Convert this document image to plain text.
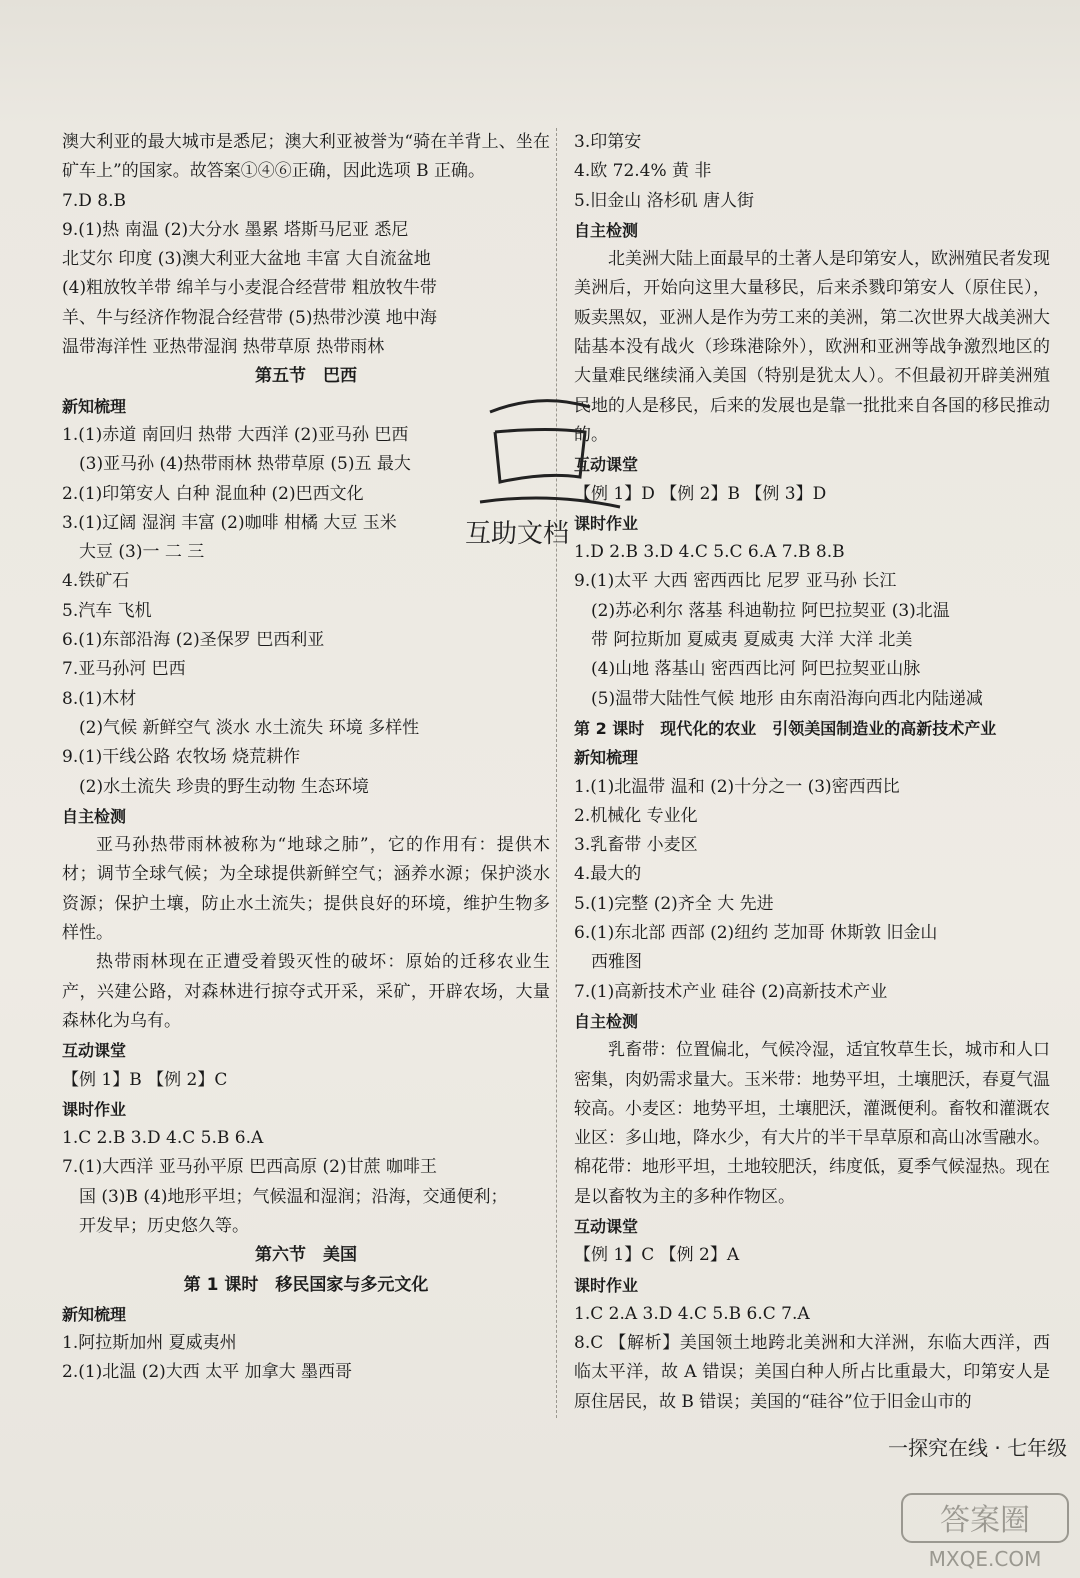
澳大利亚的最大城市是悉尼；澳大利亚被誉为“骑在羊背上、坐在矿车上”的国家。故答案①④⑥正确，因此选项 B 正确。
7.D 8.B
9.(1)热 南温 (2)大分水 墨累 塔斯马尼亚 悉尼
北艾尔 印度 (3)澳大利亚大盆地 丰富 大自流盆地
(4)粗放牧羊带 绵羊与小麦混合经营带 粗放牧牛带
羊、牛与经济作物混合经营带 (5)热带沙漠 地中海
温带海洋性 亚热带湿润 热带草原 热带雨林
第五节　巴西
新知梳理
1.(1)赤道 南回归 热带 大西洋 (2)亚马孙 巴西
(3)亚马孙 (4)热带雨林 热带草原 (5)五 最大
2.(1)印第安人 白种 混血种 (2)巴西文化
3.(1)辽阔 湿润 丰富 (2)咖啡 柑橘 大豆 玉米
大豆 (3)一 二 三
4.铁矿石
5.汽车 飞机
6.(1)东部沿海 (2)圣保罗 巴西利亚
7.亚马孙河 巴西
8.(1)木材
(2)气候 新鲜空气 淡水 水土流失 环境 多样性
9.(1)干线公路 农牧场 烧荒耕作
(2)水土流失 珍贵的野生动物 生态环境
自主检测
亚马孙热带雨林被称为“地球之肺”，它的作用有：提供木材；调节全球气候；为全球提供新鲜空气；涵养水源；保护淡水资源；保护土壤，防止水土流失；提供良好的环境，维护生物多样性。
热带雨林现在正遭受着毁灭性的破坏：原始的迁移农业生产，兴建公路，对森林进行掠夺式开采，采矿，开辟农场，大量森林化为乌有。
互动课堂
【例 1】B 【例 2】C
课时作业
1.C 2.B 3.D 4.C 5.B 6.A
7.(1)大西洋 亚马孙平原 巴西高原 (2)甘蔗 咖啡王
国 (3)B (4)地形平坦；气候温和湿润；沿海，交通便利；
开发早；历史悠久等。
第六节　美国
第 1 课时　移民国家与多元文化
新知梳理
1.阿拉斯加州 夏威夷州
2.(1)北温 (2)大西 太平 加拿大 墨西哥
3.印第安
4.欧 72.4% 黄 非
5.旧金山 洛杉矶 唐人街
自主检测
北美洲大陆上面最早的土著人是印第安人，欧洲殖民者发现美洲后，开始向这里大量移民，后来杀戮印第安人（原住民），贩卖黑奴，亚洲人是作为劳工来的美洲，第二次世界大战美洲大陆基本没有战火（珍珠港除外），欧洲和亚洲等战争激烈地区的大量难民继续涌入美国（特别是犹太人）。不但最初开辟美洲殖民地的人是移民，后来的发展也是靠一批批来自各国的移民推动的。
互动课堂
【例 1】D 【例 2】B 【例 3】D
课时作业
1.D 2.B 3.D 4.C 5.C 6.A 7.B 8.B
9.(1)太平 大西 密西西比 尼罗 亚马孙 长江
(2)苏必利尔 落基 科迪勒拉 阿巴拉契亚 (3)北温
带 阿拉斯加 夏威夷 夏威夷 大洋 大洋 北美
(4)山地 落基山 密西西比河 阿巴拉契亚山脉
(5)温带大陆性气候 地形 由东南沿海向西北内陆递减
第 2 课时　现代化的农业　引领美国制造业的高新技术产业
新知梳理
1.(1)北温带 温和 (2)十分之一 (3)密西西比
2.机械化 专业化
3.乳畜带 小麦区
4.最大的
5.(1)完整 (2)齐全 大 先进
6.(1)东北部 西部 (2)纽约 芝加哥 休斯敦 旧金山
西雅图
7.(1)高新技术产业 硅谷 (2)高新技术产业
自主检测
乳畜带：位置偏北，气候冷湿，适宜牧草生长，城市和人口密集，肉奶需求量大。玉米带：地势平坦，土壤肥沃，春夏气温较高。小麦区：地势平坦，土壤肥沃，灌溉便利。畜牧和灌溉农业区：多山地，降水少，有大片的半干旱草原和高山冰雪融水。棉花带：地形平坦，土地较肥沃，纬度低，夏季气候湿热。现在是以畜牧为主的多种作物区。
互动课堂
【例 1】C 【例 2】A
课时作业
1.C 2.A 3.D 4.C 5.B 6.C 7.A
8.C 【解析】美国领土地跨北美洲和大洋洲，东临大西洋，西临太平洋，故 A 错误；美国白种人所占比重最大，印第安人是原住居民，故 B 错误；美国的“硅谷”位于旧金山市的
一探究在线 · 七年级
互助文档
答案圈
MXQE.COM
